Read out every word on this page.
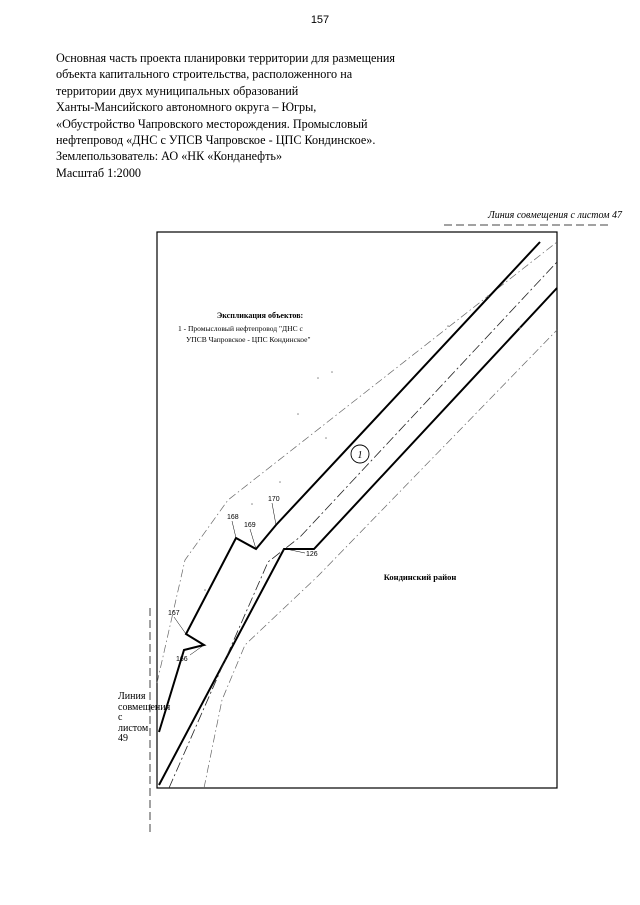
157
Основная часть проекта планировки территории для размещения
объекта капитального строительства, расположенного на
территории двух муниципальных образований
Ханты-Мансийского автономного округа – Югры,
«Обустройство Чапровского месторождения. Промысловый
нефтепровод «ДНС с УПСВ Чапровское - ЦПС Кондинское».
Землепользователь: АО «НК «Конданефть»
Масштаб 1:2000
Линия совмещения с листом 47
Линия совмещения с листом 49
1
Экспликация объектов:
1 - Промысловый нефтепровод "ДНС с
УПСВ Чапровское - ЦПС Кондинское"
Кондинский район
168
169
170
126
167
166
